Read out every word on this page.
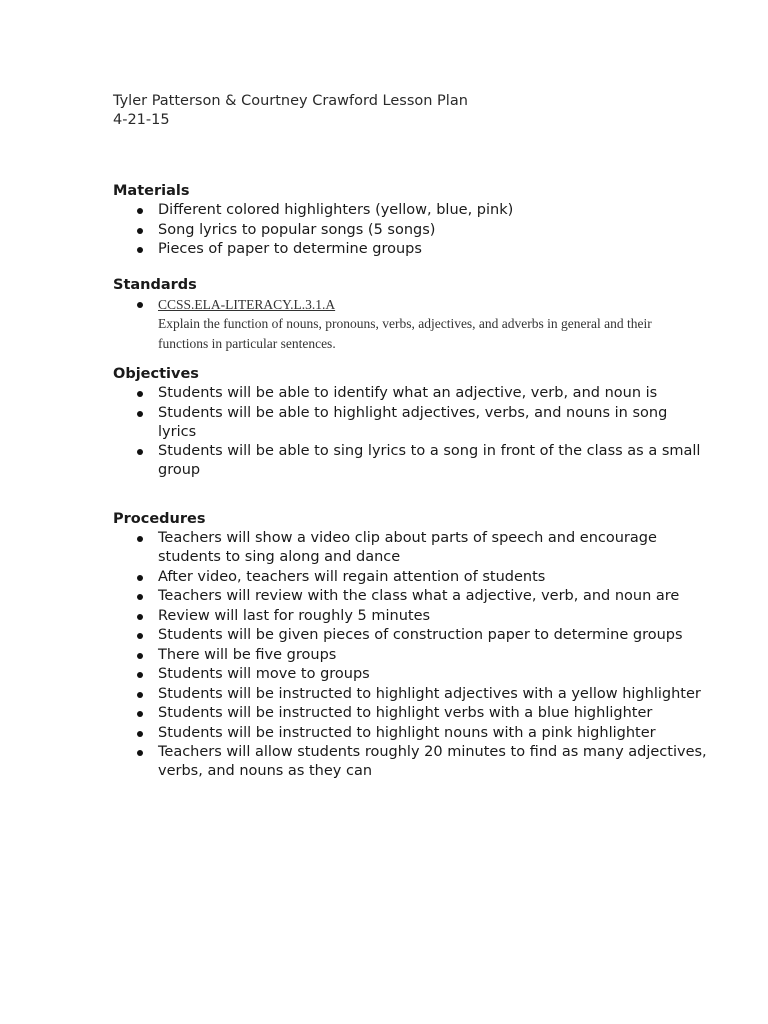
Tyler Patterson & Courtney Crawford Lesson Plan

4-21-15

Materials
Different colored highlighters (yellow, blue, pink)
Song lyrics to popular songs (5 songs)
Pieces of paper to determine groups
Standards
CCSS.ELA-LITERACY.L.3.1.A
Explain the function of nouns, pronouns, verbs, adjectives, and adverbs in general and their functions in particular sentences.
Objectives
Students will be able to identify what an adjective, verb, and noun is
Students will be able to highlight adjectives, verbs, and nouns in song lyrics
Students will be able to sing lyrics to a song in front of the class as a small group
Procedures
Teachers will show a video clip about parts of speech and encourage students to sing along and dance
After video, teachers will regain attention of students
Teachers will review with the class what a adjective, verb, and noun are
Review will last for roughly 5 minutes
Students will be given pieces of construction paper to determine groups
There will be five groups
Students will move to groups
Students will be instructed to highlight adjectives with a yellow highlighter
Students will be instructed to highlight verbs with a blue highlighter
Students will be instructed to highlight nouns with a pink highlighter
Teachers will allow students roughly 20 minutes to find as many adjectives, verbs, and nouns as they can
